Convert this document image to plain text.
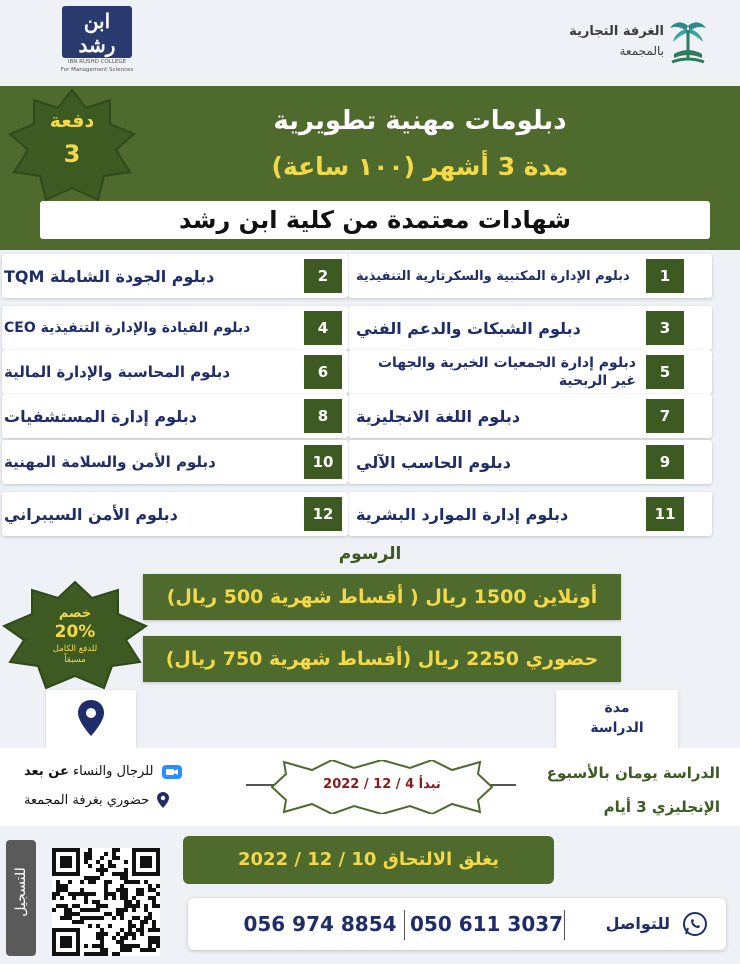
الغرفة التجارية
بالمجمعة
ابن
رشد
IBN RUSHD COLLEGE
For Management Sciences
دبلومات مهنية تطويرية
مدة 3 أشهر (١٠٠ ساعة)
شهادات معتمدة من كلية ابن رشد
دفعة
3
1
دبلوم الإدارة المكتبية والسكرتارية التنفيذية
3
دبلوم الشبكات والدعم الفني
5
دبلوم إدارة الجمعيات الخيرية والجهات غير الربحية
7
دبلوم اللغة الانجليزية
9
دبلوم الحاسب الآلي
11
دبلوم إدارة الموارد البشرية
2
دبلوم الجودة الشاملة TQM
4
دبلوم القيادة والإدارة التنفيذية CEO
6
دبلوم المحاسبة والإدارة المالية
8
دبلوم إدارة المستشفيات
10
دبلوم الأمن والسلامة المهنية
12
دبلوم الأمن السيبراني
الرسوم
أونلاين 1500 ريال ( أقساط شهرية 500 ريال)
حضوري 2250 ريال (أقساط شهرية 750 ريال)
خصم
20%
للدفع الكامل
مسبقاً
مدة
الدراسة
للرجال والنساء عن بعد
حضوري بغرفة المجمعة
تبدأ 4 / 12 / 2022
الدراسة يومان بالأسبوع
الإنجليزي 3 أيام
يغلق الالتحاق 10 / 12 / 2022
للتسجيل
للتواصل
050 611 3037
056 974 8854
